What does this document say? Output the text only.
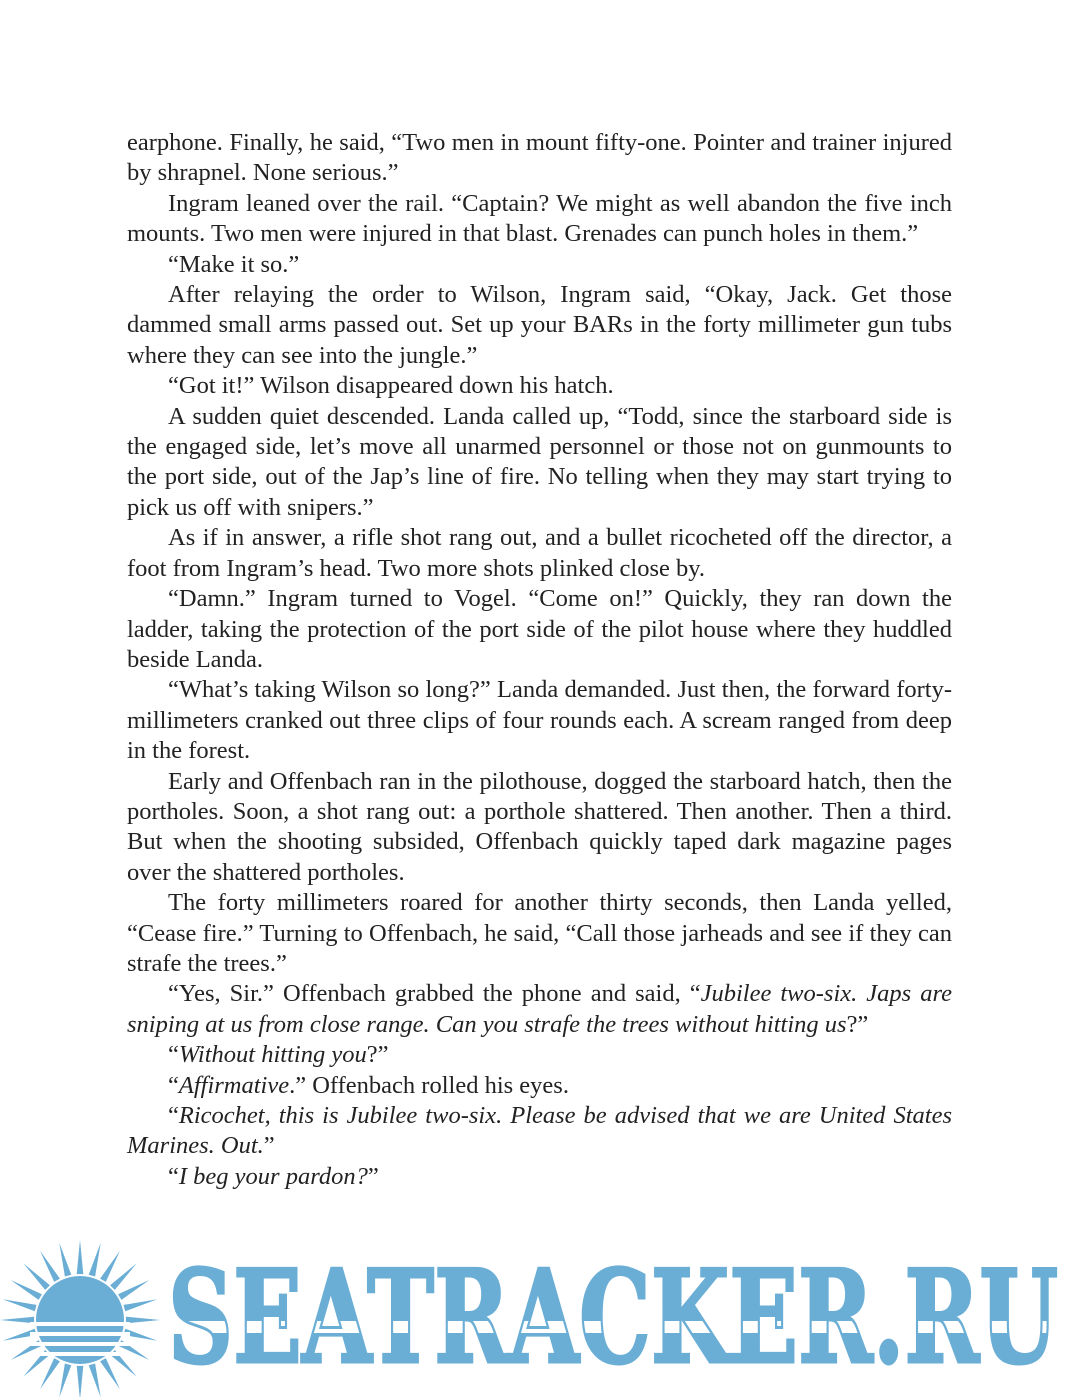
earphone. Finally, he said, “Two men in mount fifty-one. Pointer and trainer injured by shrapnel. None serious.”

Ingram leaned over the rail. “Captain? We might as well abandon the five inch mounts. Two men were injured in that blast. Grenades can punch holes in them.”

“Make it so.”

After relaying the order to Wilson, Ingram said, “Okay, Jack. Get those dammed small arms passed out. Set up your BARs in the forty millimeter gun tubs where they can see into the jungle.”

“Got it!” Wilson disappeared down his hatch.

A sudden quiet descended. Landa called up, “Todd, since the starboard side is the engaged side, let’s move all unarmed personnel or those not on gunmounts to the port side, out of the Jap’s line of fire. No telling when they may start trying to pick us off with snipers.”

As if in answer, a rifle shot rang out, and a bullet ricocheted off the director, a foot from Ingram’s head. Two more shots plinked close by.

“Damn.” Ingram turned to Vogel. “Come on!” Quickly, they ran down the ladder, taking the protection of the port side of the pilot house where they huddled beside Landa.

“What’s taking Wilson so long?” Landa demanded. Just then, the forward forty-millimeters cranked out three clips of four rounds each. A scream ranged from deep in the forest.

Early and Offenbach ran in the pilothouse, dogged the starboard hatch, then the portholes. Soon, a shot rang out: a porthole shattered. Then another. Then a third. But when the shooting subsided, Offenbach quickly taped dark magazine pages over the shattered portholes.

The forty millimeters roared for another thirty seconds, then Landa yelled, “Cease fire.” Turning to Offenbach, he said, “Call those jarheads and see if they can strafe the trees.”

“Yes, Sir.” Offenbach grabbed the phone and said, “Jubilee two-six. Japs are sniping at us from close range. Can you strafe the trees without hitting us?”

“Without hitting you?”

“Affirmative.” Offenbach rolled his eyes.

“Ricochet, this is Jubilee two-six. Please be advised that we are United States Marines. Out.”

“I beg your pardon?”

SEATRACKER.RU
